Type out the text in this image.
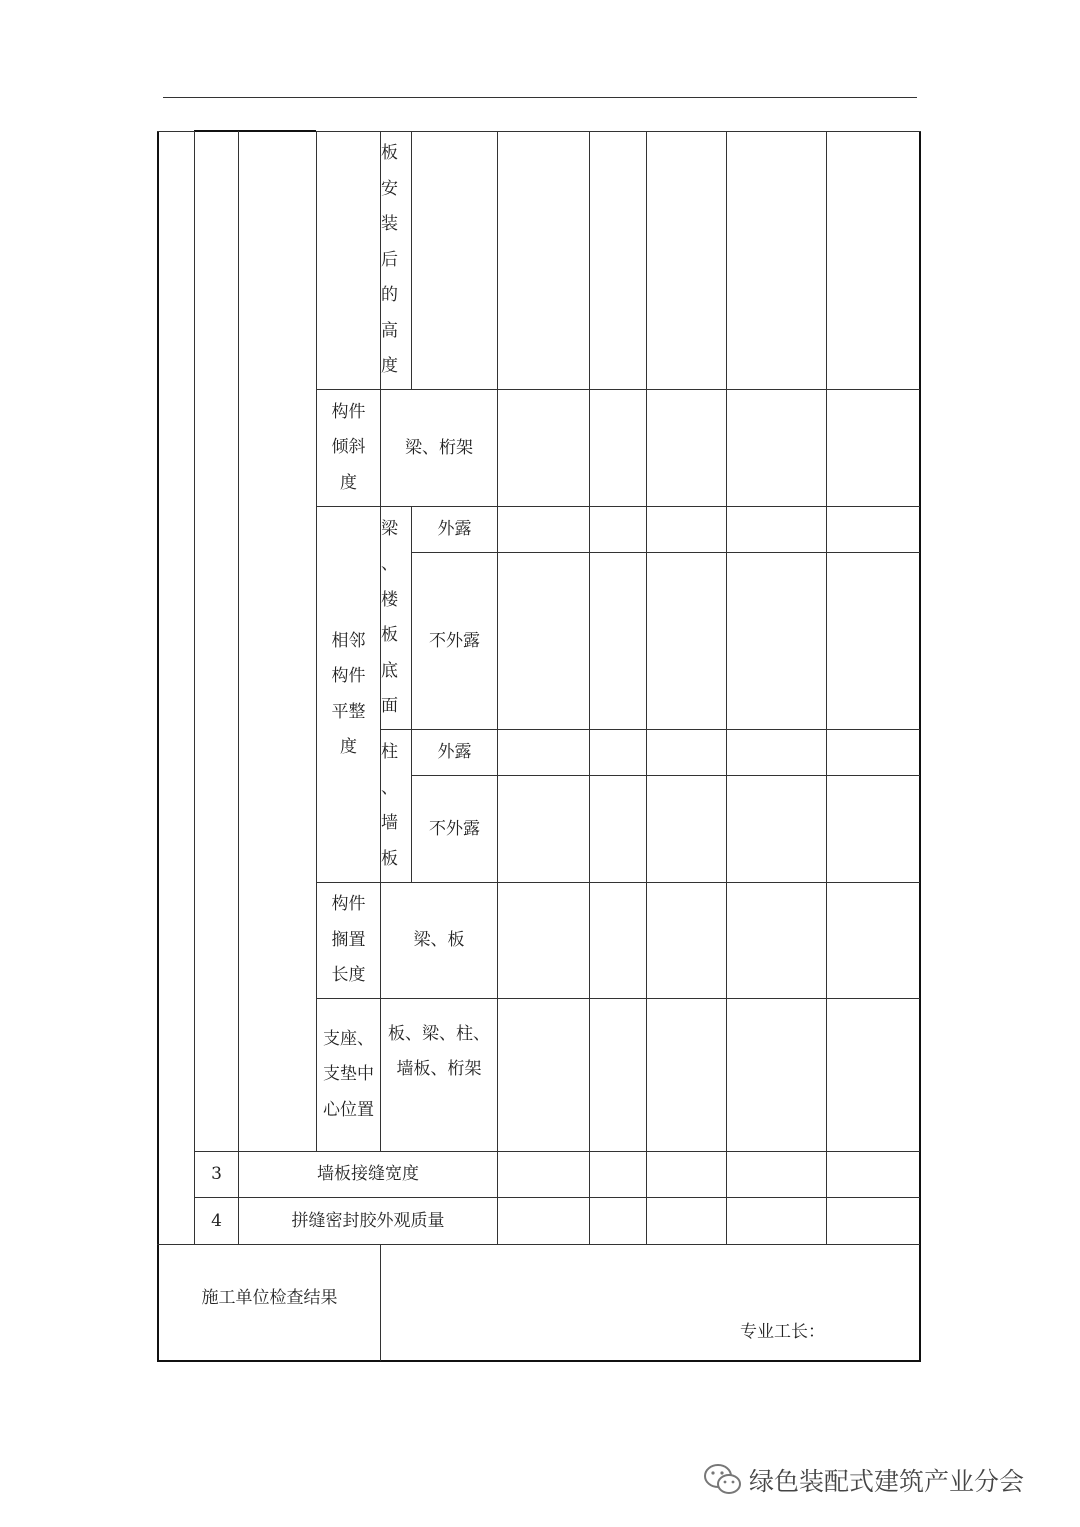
板
安
装
后
的
高
度
构件
倾斜
度
梁、桁架
相邻
构件
平整
度
梁
、
楼
板
底
面
外露
不外露
柱
、
墙
板
外露
不外露
构件
搁置
长度
梁、板
支座、
支垫中
心位置
板、梁、柱、
墙板、桁架
3	墙板接缝宽度
4	拼缝密封胶外观质量
施工单位检查结果
专业工长：
绿色装配式建筑产业分会
